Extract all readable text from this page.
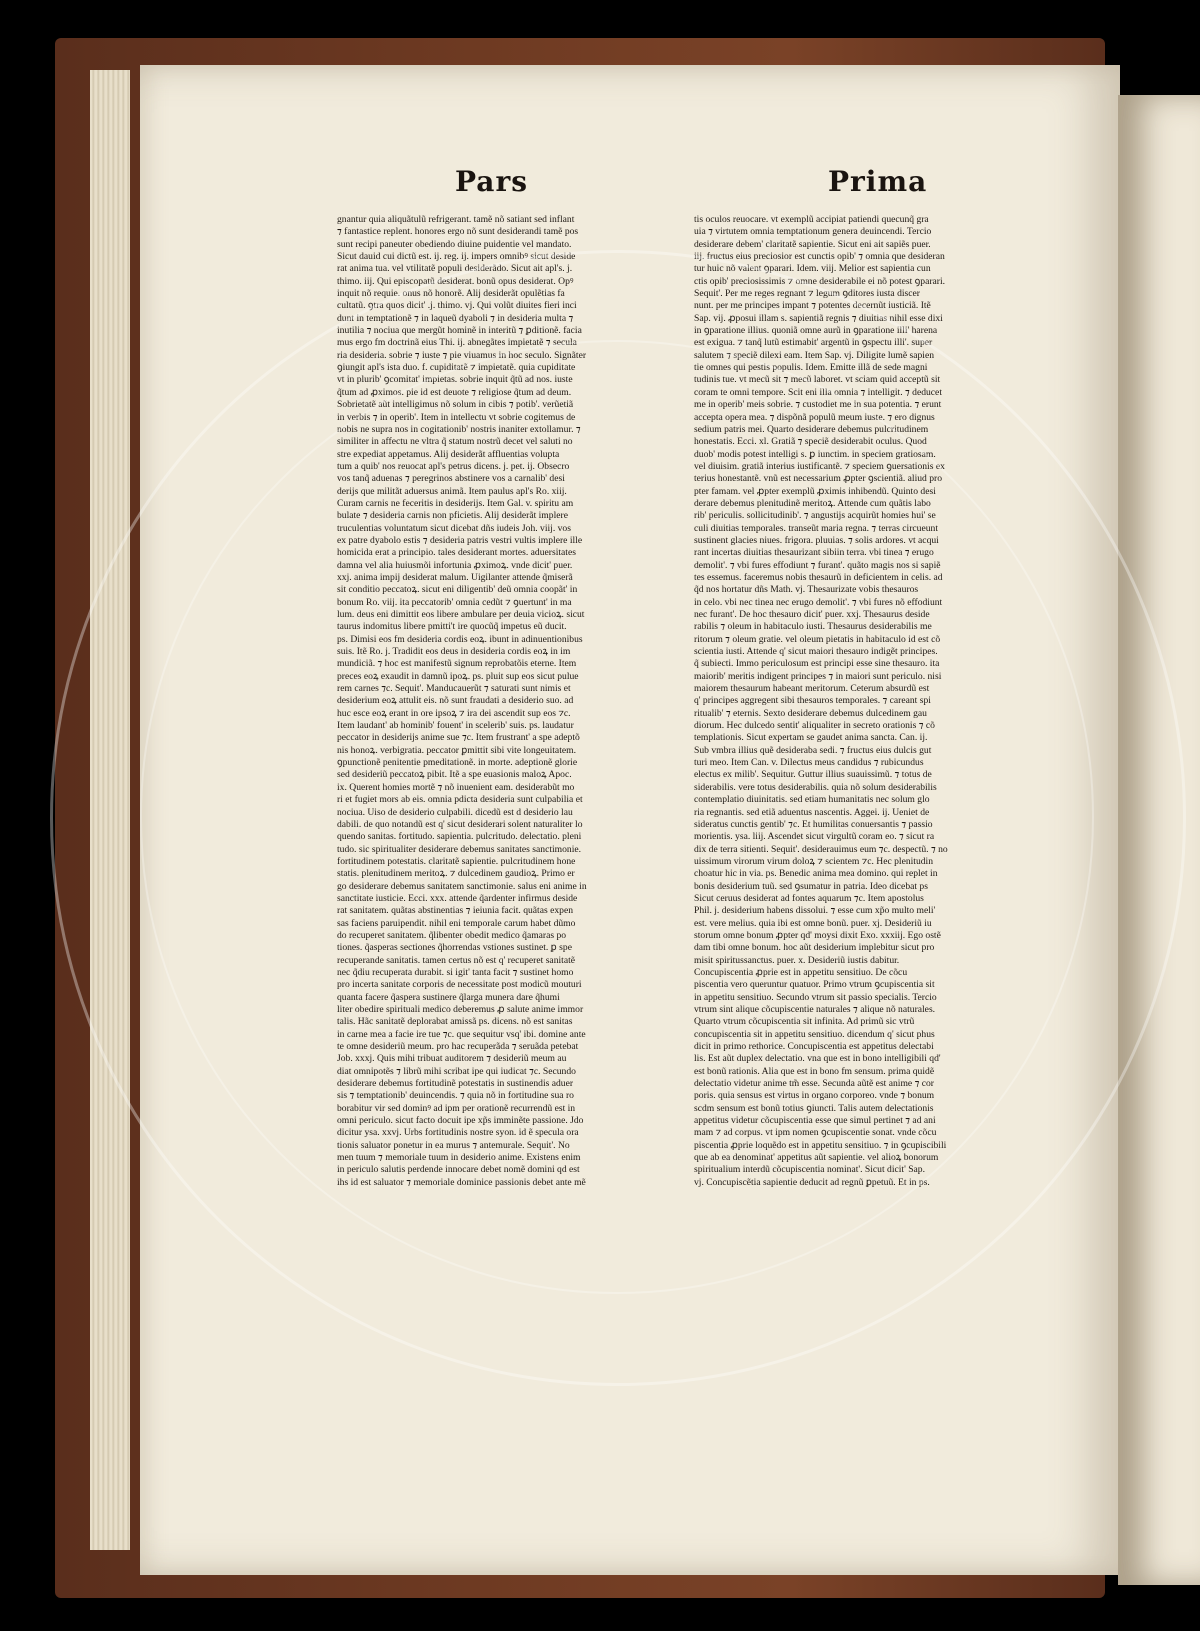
Pars	Prima
gnantur quia aliquãtulũ refrigerant. tamẽ nõ satiant sed inflant
⁊ fantastice replent. honores ergo nõ sunt desiderandi tamẽ pos
sunt recipi paneuter obediendo diuine puidentie vel mandato.
Sicut dauid cui dictũ est. ij. reg. ij. impers omnibꝰ sicut deside
rat anima tua. vel vtilitatẽ populi desiderãdo. Sicut ait apl's. j.
thimo. iij. Qui episcopatũ desiderat. bonũ opus desiderat. Opꝰ
inquit nõ requie. onus nõ honorẽ. Alij desiderãt opulẽtias fa
cultatũ. ꝯtra quos dicit' .j. thimo. vj. Qui volũt diuites fieri inci
dunt in temptationẽ ⁊ in laqueũ dyaboli ⁊ in desideria multa ⁊
inutilia ⁊ nociua que mergũt hominẽ in interitũ ⁊ ꝑditionẽ. facia
mus ergo fm doctrinã eius Thi. ij. abnegãtes impietatẽ ⁊ secula
ria desideria. sobrie ⁊ iuste ⁊ pie viuamus in hoc seculo. Signãter
ꝯiungit apl's ista duo. f. cupiditatẽ ⁊ impietatẽ. quia cupiditate
vt in plurib' ꝯcomitat' impietas. sobrie inquit q̃tũ ad nos. iuste
q̃tum ad ꝓximos. pie id est deuote ⁊ religiose q̃tum ad deum.
Sobrietatẽ aũt intelligimus nõ solum in cibis ⁊ potib'. verũetiã
in verbis ⁊ in operib'. Item in intellectu vt sobrie cogitemus de
nobis ne supra nos in cogitationib' nostris inaniter extollamur. ⁊
similiter in affectu ne vltra q̃ statum nostrũ decet vel saluti no
stre expediat appetamus. Alij desiderãt affluentias volupta
tum a quib' nos reuocat apl's petrus dicens. j. pet. ij. Obsecro
vos tanq̃ aduenas ⁊ peregrinos abstinere vos a carnalib' desi
derijs que militãt aduersus animã. Item paulus apl's Ro. xiij.
Curam carnis ne feceritis in desiderijs. Item Gal. v. spiritu am
bulate ⁊ desideria carnis non pficietis. Alij desiderãt implere
truculentias voluntatum sicut dicebat dñs iudeis Joh. viij. vos
ex patre dyabolo estis ⁊ desideria patris vestri vultis implere ille
homicida erat a principio. tales desiderant mortes. aduersitates
damna vel alia huiusmõi infortunia ꝓximoꝝ. vnde dicit' puer.
xxj. anima impij desiderat malum. Uigilanter attende q̃miserã
sit conditio peccatoꝝ. sicut eni diligentib' deũ omnia coopãt' in
bonum Ro. viij. ita peccatorib' omnia cedũt ⁊ ꝯuertunt' in ma
lum. deus eni dimittit eos libere ambulare per deuia vicioꝝ. sicut
taurus indomitus libere pmitti't ire quocũq̃ impetus eũ ducit.
ps. Dimisi eos fm desideria cordis eoꝝ. ibunt in adinuentionibus
suis. Itẽ Ro. j. Tradidit eos deus in desideria cordis eoꝝ in im
mundiciã. ⁊ hoc est manifestũ signum reprobatõis eterne. Item
preces eoꝝ exaudit in damnũ ipoꝝ. ps. pluit sup eos sicut puluе
rem carnes ⁊c. Sequit'. Manducauerũt ⁊ saturati sunt nimis et
desiderium eoꝝ attulit eis. nõ sunt fraudati a desiderio suo. ad
huc esce eoꝝ erant in ore ipsoꝝ ⁊ ira dei ascendit sup eos ⁊c.
Item laudant' ab hominib' fouent' in scelerib' suis. ps. laudatur
peccator in desiderijs anime sue ⁊c. Item frustrant' a spe adeptõ
nis honoꝝ. verbigratia. peccator ꝑmittit sibi vite longeuitatem.
ꝯpunctionẽ penitentie pmeditationẽ. in morte. adeptionẽ glorie
sed desideriũ peccatoꝝ pibit. Itẽ a spe euasionis maloꝝ Apoc.
ix. Querent homies mortẽ ⁊ nõ inuenient eam. desiderabũt mo
ri et fugiet mors ab eis. omnia pdicta desideria sunt culpabilia et
nociua. Uiso de desiderio culpabili. dicedũ est d desiderio lau
dabili. de quo notandũ est q' sicut desiderari solent naturaliter lo
quendo sanitas. fortitudo. sapientia. pulcritudo. delectatio. pleni
tudo. sic spiritualiter desiderare debemus sanitates sanctimonie.
fortitudinem potestatis. claritatẽ sapientie. pulcritudinem hone
statis. plenitudinem meritoꝝ. ⁊ dulcedinem gaudioꝝ. Primo er
go desiderare debemus sanitatem sanctimonie. salus eni anime in
sanctitate iusticie. Ecci. xxx. attende q̃ardenter infirmus deside
rat sanitatem. quãtas abstinentias ⁊ ieiunia facit. quãtas expen
sas faciens paruipendit. nihil eni temporale carum habet dũmo
do recuperet sanitatem. q̃libenter obedit medico q̃amaras po
tiones. q̃asperas sectiones q̃horrendas vstiones sustinet. ꝑ spe
recuperande sanitatis. tamen certus nõ est q' recuperet sanitatẽ
nec q̃diu recuperata durabit. si igit' tanta facit ⁊ sustinet homo
pro incerta sanitate corporis de necessitate post modicũ mouturi
quanta facere q̃aspera sustinere q̃larga munera dare q̃humi
liter obedire spirituali medico deberemus ꝓ salute anime immor
talis. Hãc sanitatẽ deplorabat amissã ps. dicens. nõ est sanitas
in carne mea a facie ire tue ⁊c. que sequitur vsq' ibi. domine ante
te omne desideriũ meum. pro hac recuperãda ⁊ seruãda petebat
Job. xxxj. Quis mihi tribuat auditorem ⁊ desideriũ meum au
diat omnipotẽs ⁊ librũ mihi scribat ipe qui iudicat ⁊c. Secundo
desiderare debemus fortitudinẽ potestatis in sustinendis aduer
sis ⁊ temptationib' deuincendis. ⁊ quia nõ in fortitudine sua ro
borabitur vir sed dominꝰ ad ipm per orationẽ recurrendũ est in
omni periculo. sicut facto docuit ipe xp̃s imminẽte passione. Jdo
dicitur ysa. xxvj. Urbs fortitudinis nostre syon. id ẽ specula ora
tionis saluator ponetur in ea murus ⁊ antemurale. Sequit'. No
men tuum ⁊ memoriale tuum in desiderio anime. Existens enim
in periculo salutis perdende innocare debet nomẽ domini qd est
ihs id est saluator ⁊ memoriale dominice passionis debet ante mẽ
tis oculos reuocare. vt exemplũ accipiat patiendi quecunq̃ gra
uia ⁊ virtutem omnia temptationum genera deuincendi. Tercio
desiderare debem' claritatẽ sapientie. Sicut eni ait sapiẽs puer.
iij. fructus eius preciosior est cunctis opib' ⁊ omnia que desideran
tur huic nõ valent ꝯparari. Idem. viij. Melior est sapientia cun
ctis opib' preciosissimis ⁊ omne desiderabile ei nõ potest ꝯparari.
Sequit'. Per me reges regnant ⁊ legum ꝯditores iusta discer
nunt. per me principes impant ⁊ potentes decernũt iusticiã. Itẽ
Sap. vij. ꝓposui illam s. sapientiã regnis ⁊ diuitias nihil esse dixi
in ꝯparatione illius. quoniã omne aurũ in ꝯparatione illi' harena
est exigua. ⁊ tanq̃ lutũ estimabit' argentũ in ꝯspectu illi'. super
salutem ⁊ speciẽ dilexi eam. Item Sap. vj. Diligite lumẽ sapien
tie omnes qui pestis populis. Idem. Emitte illã de sede magni
tudinis tue. vt mecũ sit ⁊ mecũ laboret. vt sciam quid acceptũ sit
coram te omni tempore. Scit eni illa omnia ⁊ intelligit. ⁊ deducet
me in operib' meis sobrie. ⁊ custodiet me in sua potentia. ⁊ erunt
accepta opera mea. ⁊ dispõnã populũ meum iuste. ⁊ ero dignus
sedium patris mei. Quarto desiderare debemus pulcritudinem
honestatis. Ecci. xl. Gratiã ⁊ speciẽ desiderabit oculus. Quod
duob' modis potest intelligi s. ꝑ iunctim. in speciem gratiosam.
vel diuisim. gratiã interius iustificantẽ. ⁊ speciem ꝯuersationis ex
terius honestantẽ. vnũ est necessarium ꝓpter ꝯscientiã. aliud pro
pter famam. vel ꝓpter exemplũ ꝓximis inhibendũ. Quinto desi
derare debemus plenitudinẽ meritoꝝ. Attende cum quãtis labo
rib' periculis. sollicitudinib'. ⁊ angustijs acquirũt homies hui' se
culi diuitias temporales. transeũt maria regna. ⁊ terras circueunt
sustinent glacies niues. frigora. pluuias. ⁊ solis ardores. vt acqui
rant incertas diuitias thesaurizant sibiin terra. vbi tinea ⁊ erugo
demolit'. ⁊ vbi fures effodiunt ⁊ furant'. quãto magis nos si sapiẽ
tes essemus. faceremus nobis thesaurũ in deficientem in celis. ad
q̃d nos hortatur dñs Math. vj. Thesaurizate vobis thesauros
in celo. vbi nec tinea nec erugo demolit'. ⁊ vbi fures nõ effodiunt
nec furant'. De hoc thesauro dicit' puer. xxj. Thesaurus deside
rabilis ⁊ oleum in habitaculo iusti. Thesaurus desiderabilis me
ritorum ⁊ oleum gratie. vel oleum pietatis in habitaculo id est cõ
scientia iusti. Attende q' sicut maiori thesauro indigẽt principes.
q̃ subiecti. Immo periculosum est principi esse sine thesauro. ita
maiorib' meritis indigent principes ⁊ in maiori sunt periculo. nisi
maiorem thesaurum habeant meritorum. Ceterum absurdũ est
q' principes aggregent sibi thesauros temporales. ⁊ careant spi
ritualib' ⁊ eternis. Sexto desiderare debemus dulcedinem gau
diorum. Hec dulcedo sentit' aliqualiter in secreto orationis ⁊ cõ
templationis. Sicut expertam se gaudet anima sancta. Can. ij.
Sub vmbra illius quẽ desideraba sedi. ⁊ fructus eius dulcis gut
turi meo. Item Can. v. Dilectus meus candidus ⁊ rubicundus
electus ex milib'. Sequitur. Guttur illius suauissimũ. ⁊ totus de
siderabilis. vere totus desiderabilis. quia nõ solum desiderabilis
contemplatio diuinitatis. sed etiam humanitatis nec solum glo
ria regnantis. sed etiã aduentus nascentis. Aggei. ij. Ueniet de
sideratus cunctis gentib' ⁊c. Et humilitas conuersantis ⁊ passio
morientis. ysa. liij. Ascendet sicut virgultũ coram eo. ⁊ sicut ra
dix de terra sitienti. Sequit'. desiderauimus eum ⁊c. despectũ. ⁊ no
uissimum virorum virum doloꝝ ⁊ scientem ⁊c. Hec plenitudin
choatur hic in via. ps. Benedic anima mea domino. qui replet in
bonis desiderium tuũ. sed ꝯsumatur in patria. Ideo dicebat ps
Sicut ceruus desiderat ad fontes aquarum ⁊c. Item apostolus
Phil. j. desiderium habens dissolui. ⁊ esse cum xp̃o multo meli'
est. vere melius. quia ibi est omne bonũ. puer. xj. Desideriũ iu
storum omne bonum ꝓpter qd' moysi dixit Exo. xxxiij. Ego ostẽ
dam tibi omne bonum. hoc aũt desiderium implebitur sicut pro
misit spiritussanctus. puer. x. Desideriũ iustis dabitur.
Concupiscentia ꝓprie est in appetitu sensitiuo. De cõcu
piscentia vero queruntur quatuor. Primo vtrum ꝯcupiscentia sit
in appetitu sensitiuo. Secundo vtrum sit passio specialis. Tercio
vtrum sint alique cõcupiscentie naturales ⁊ alique nõ naturales.
Quarto vtrum cõcupiscentia sit infinita. Ad primũ sic vtrũ
concupiscentia sit in appetitu sensitiuo. dicendum q' sicut phus
dicit in primo rethorice. Concupiscentia est appetitus delectabi
lis. Est aũt duplex delectatio. vna que est in bono intelligibili qd'
est bonũ rationis. Alia que est in bono fm sensum. prima quidẽ
delectatio videtur anime tm̃ esse. Secunda aũtẽ est anime ⁊ cor
poris. quia sensus est virtus in organo corporeo. vnde ⁊ bonum
scdm sensum est bonũ totius ꝯiuncti. Talis autem delectationis
appetitus videtur cõcupiscentia esse que simul pertinet ⁊ ad ani
mam ⁊ ad corpus. vt ipm nomen ꝯcupiscentie sonat. vnde cõcu
piscentia ꝓprie loquẽdo est in appetitu sensitiuo. ⁊ in ꝯcupiscibili
que ab ea denominat' appetitus aũt sapientie. vel alioꝝ bonorum
spiritualium interdũ cõcupiscentia nominat'. Sicut dicit' Sap.
vj. Concupiscẽtia sapientie deducit ad regnũ ꝑpetuũ. Et in ps.
